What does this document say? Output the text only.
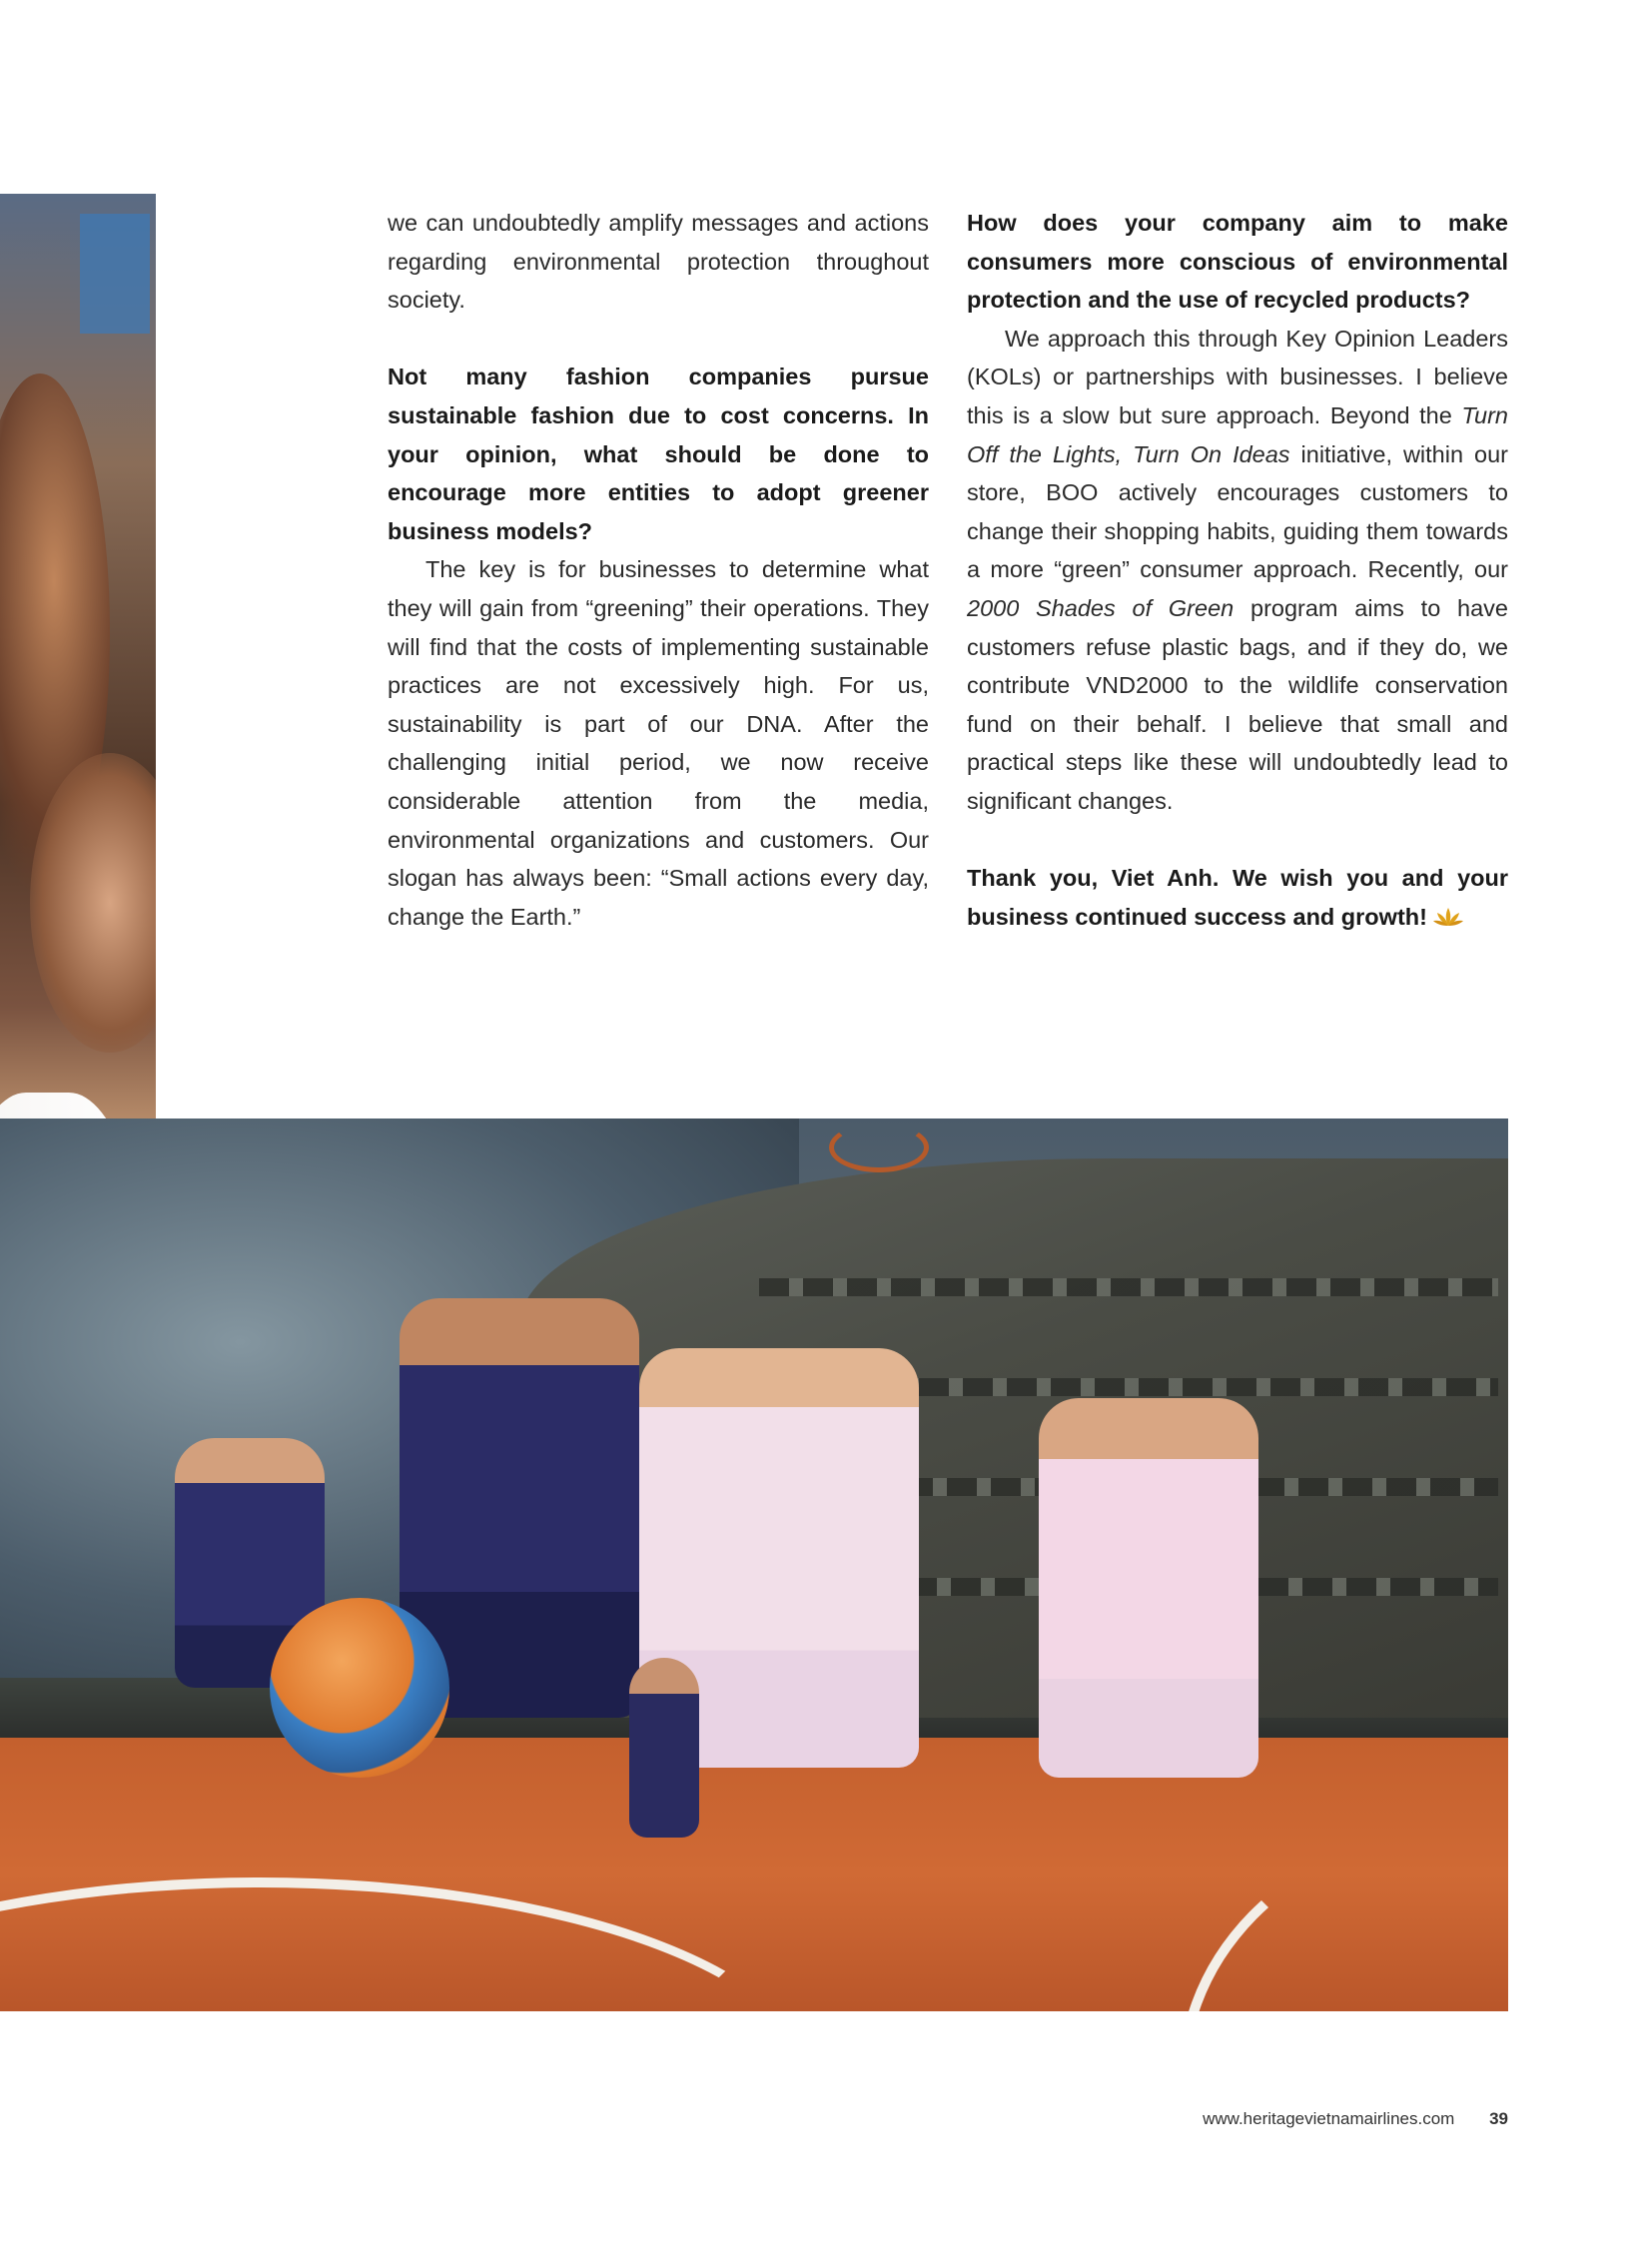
we can undoubtedly amplify messages and actions regarding environmental protection throughout society.

Not many fashion companies pursue sustainable fashion due to cost concerns. In your opinion, what should be done to encourage more entities to adopt greener business models?

The key is for businesses to determine what they will gain from “greening” their operations. They will find that the costs of implementing sustainable practices are not excessively high. For us, sustainability is part of our DNA. After the challenging initial period, we now receive considerable attention from the media, environmental organizations and customers. Our slogan has always been: “Small actions every day, change the Earth.”

How does your company aim to make consumers more conscious of environmental protection and the use of recycled products?

We approach this through Key Opinion Leaders (KOLs) or partnerships with businesses. I believe this is a slow but sure approach. Beyond the Turn Off the Lights, Turn On Ideas initiative, within our store, BOO actively encourages customers to change their shopping habits, guiding them towards a more “green” consumer approach. Recently, our 2000 Shades of Green program aims to have customers refuse plastic bags, and if they do, we contribute VND2000 to the wildlife conservation fund on their behalf. I believe that small and practical steps like these will undoubtedly lead to significant changes.

Thank you, Viet Anh. We wish you and your business continued success and growth!

www.heritagevietnamairlines.com 39
